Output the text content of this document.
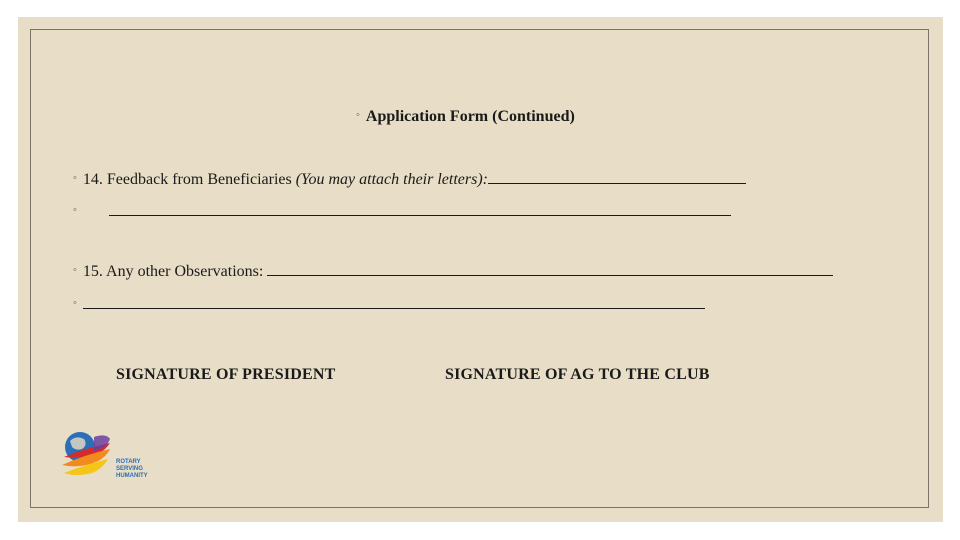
◦ Application Form (Continued)
◦ 14. Feedback from Beneficiaries (You may attach their letters):
◦
◦ 15. Any other Observations:
◦
SIGNATURE OF PRESIDENT	SIGNATURE OF AG TO THE CLUB
ROTARY
SERVING
HUMANITY
